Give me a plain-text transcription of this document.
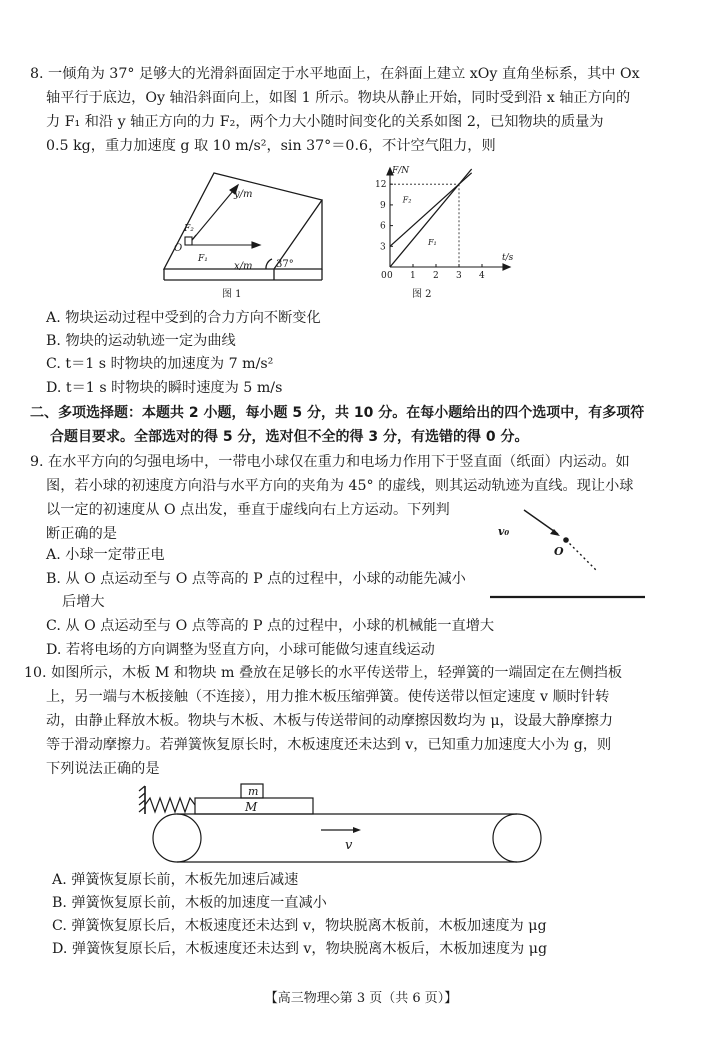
8. 一倾角为 37° 足够大的光滑斜面固定于水平地面上，在斜面上建立 xOy 直角坐标系，其中 Ox
轴平行于底边，Oy 轴沿斜面向上，如图 1 所示。物块从静止开始，同时受到沿 x 轴正方向的
力 F₁ 和沿 y 轴正方向的力 F₂，两个力大小随时间变化的关系如图 2，已知物块的质量为
0.5 kg，重力加速度 g 取 10 m/s²，sin 37°＝0.6，不计空气阻力，则
y/m
x/m 37°
O
F₁
F₂
图 1
0 1 2 3 4
3
6
9
12
F₂
F₁
0
F/N
t/s
图 2
A. 物块运动过程中受到的合力方向不断变化
B. 物块的运动轨迹一定为曲线
C. t＝1 s 时物块的加速度为 7 m/s²
D. t＝1 s 时物块的瞬时速度为 5 m/s
二、多项选择题：本题共 2 小题，每小题 5 分，共 10 分。在每小题给出的四个选项中，有多项符
合题目要求。全部选对的得 5 分，选对但不全的得 3 分，有选错的得 0 分。
9. 在水平方向的匀强电场中，一带电小球仅在重力和电场力作用下于竖直面（纸面）内运动。如
图，若小球的初速度方向沿与水平方向的夹角为 45° 的虚线，则其运动轨迹为直线。现让小球
以一定的初速度从 O 点出发，垂直于虚线向右上方运动。下列判
断正确的是	v₀
O
A. 小球一定带正电
B. 从 O 点运动至与 O 点等高的 P 点的过程中，小球的动能先减小
后增大
C. 从 O 点运动至与 O 点等高的 P 点的过程中，小球的机械能一直增大
D. 若将电场的方向调整为竖直方向，小球可能做匀速直线运动
10. 如图所示，木板 M 和物块 m 叠放在足够长的水平传送带上，轻弹簧的一端固定在左侧挡板
上，另一端与木板接触（不连接），用力推木板压缩弹簧。使传送带以恒定速度 v 顺时针转
动，由静止释放木板。物块与木板、木板与传送带间的动摩擦因数均为 μ，设最大静摩擦力
等于滑动摩擦力。若弹簧恢复原长时，木板速度还未达到 v，已知重力加速度大小为 g，则
下列说法正确的是
m
M
v
A. 弹簧恢复原长前，木板先加速后减速
B. 弹簧恢复原长前，木板的加速度一直减小
C. 弹簧恢复原长后，木板速度还未达到 v，物块脱离木板前，木板加速度为 μg
D. 弹簧恢复原长后，木板速度还未达到 v，物块脱离木板后，木板加速度为 μg
【高三物理◇第 3 页（共 6 页）】
